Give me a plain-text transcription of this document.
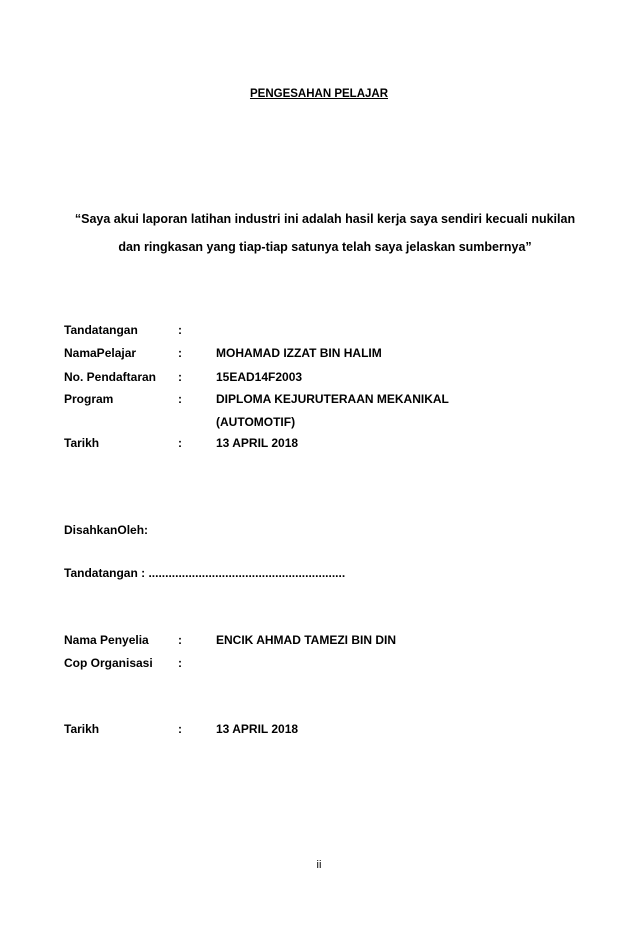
PENGESAHAN PELAJAR
“Saya akui laporan latihan industri ini adalah hasil kerja saya sendiri kecuali nukilan
dan ringkasan yang tiap-tiap satunya telah saya jelaskan sumbernya”
Tandatangan	:
NamaPelajar	:	MOHAMAD IZZAT BIN HALIM
No. Pendaftaran :	15EAD14F2003
Program	:	DIPLOMA KEJURUTERAAN MEKANIKAL
(AUTOMOTIF)
Tarikh	:	13 APRIL 2018
DisahkanOleh:
Tandatangan : ...........................................................
Nama Penyelia :	ENCIK AHMAD TAMEZI BIN DIN
Cop Organisasi :
Tarikh	:	13 APRIL 2018
ii
